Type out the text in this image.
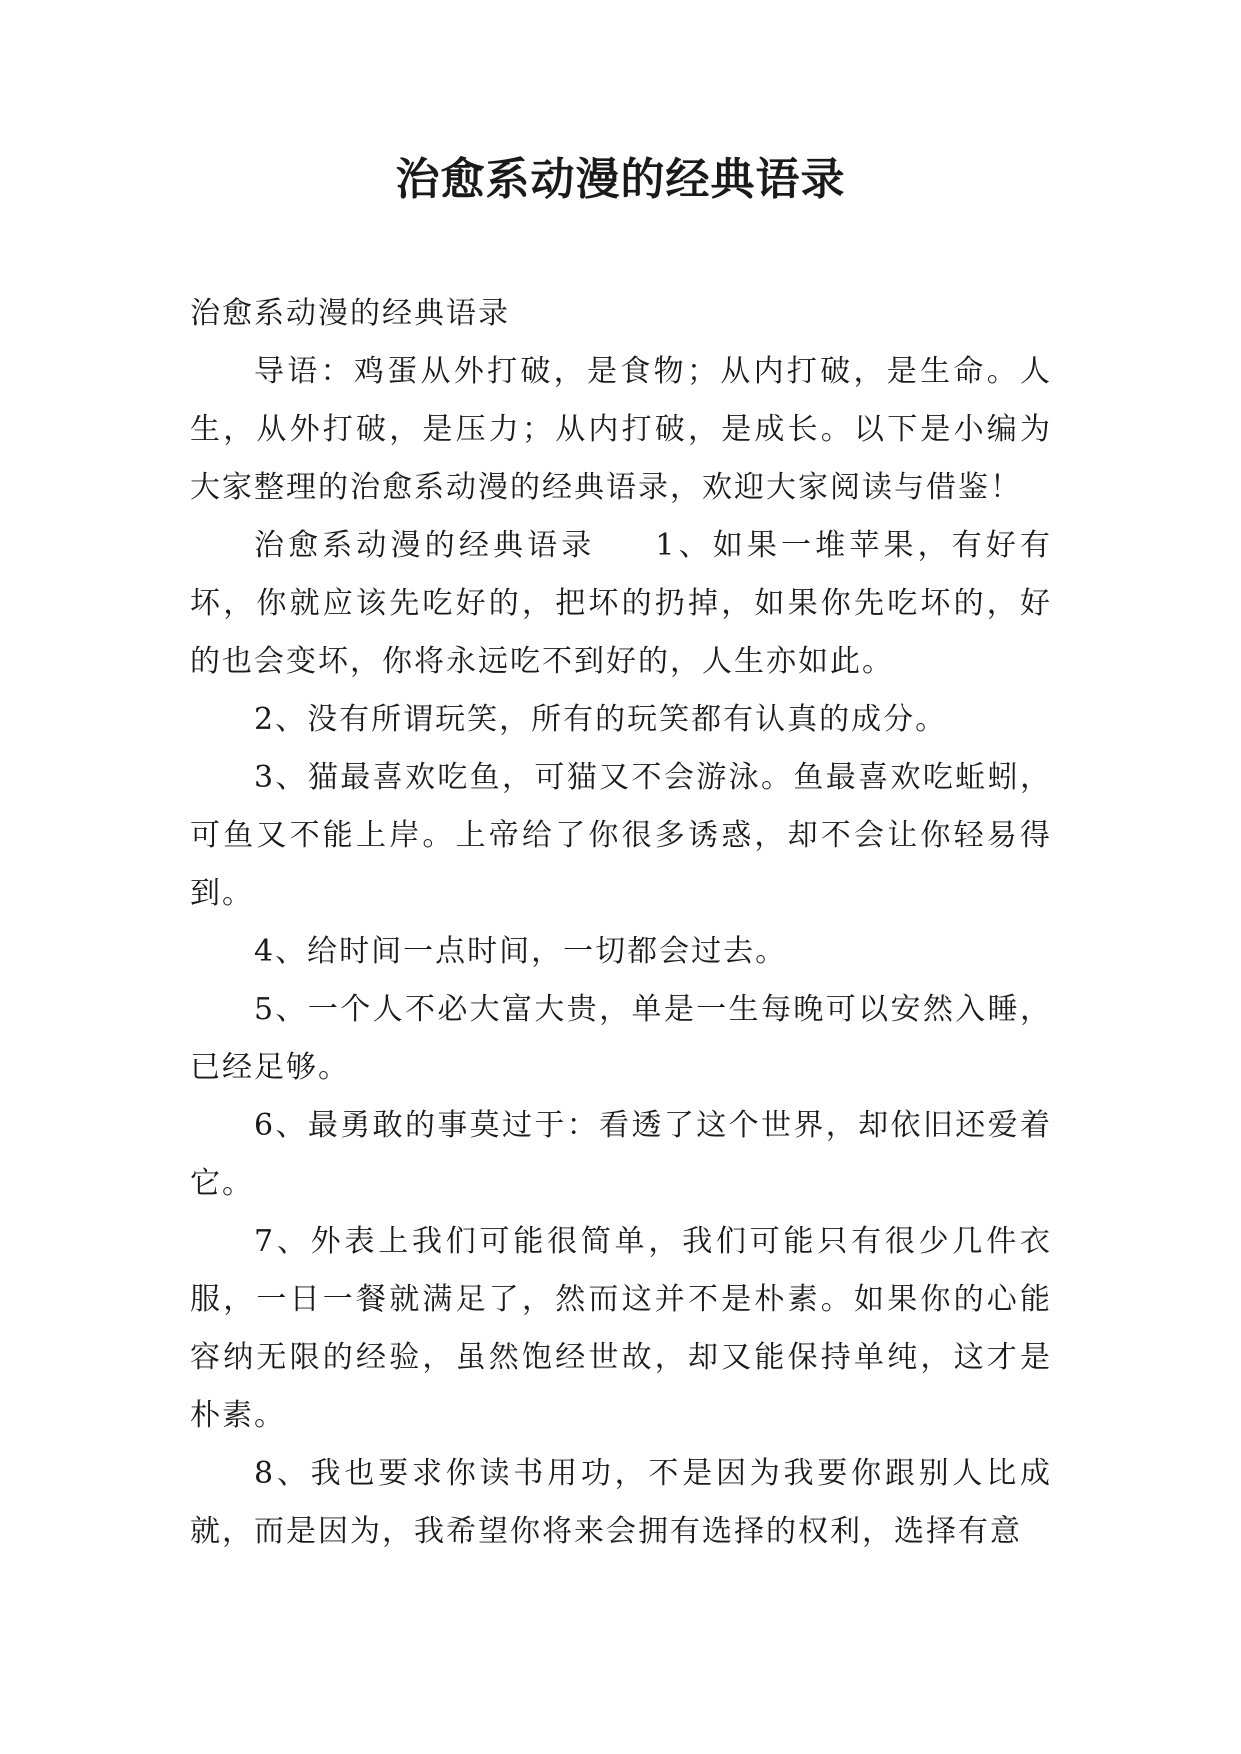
治愈系动漫的经典语录

治愈系动漫的经典语录

导语：鸡蛋从外打破，是食物；从内打破，是生命。人生，从外打破，是压力；从内打破，是成长。以下是小编为大家整理的治愈系动漫的经典语录，欢迎大家阅读与借鉴！

治愈系动漫的经典语录 1、如果一堆苹果，有好有坏，你就应该先吃好的，把坏的扔掉，如果你先吃坏的，好的也会变坏，你将永远吃不到好的，人生亦如此。

2、没有所谓玩笑，所有的玩笑都有认真的成分。

3、猫最喜欢吃鱼，可猫又不会游泳。鱼最喜欢吃蚯蚓，可鱼又不能上岸。上帝给了你很多诱惑，却不会让你轻易得到。

4、给时间一点时间，一切都会过去。

5、一个人不必大富大贵，单是一生每晚可以安然入睡，已经足够。

6、最勇敢的事莫过于：看透了这个世界，却依旧还爱着它。

7、外表上我们可能很简单，我们可能只有很少几件衣服，一日一餐就满足了，然而这并不是朴素。如果你的心能容纳无限的经验，虽然饱经世故，却又能保持单纯，这才是朴素。

8、我也要求你读书用功，不是因为我要你跟别人比成就，而是因为，我希望你将来会拥有选择的权利，选择有意
